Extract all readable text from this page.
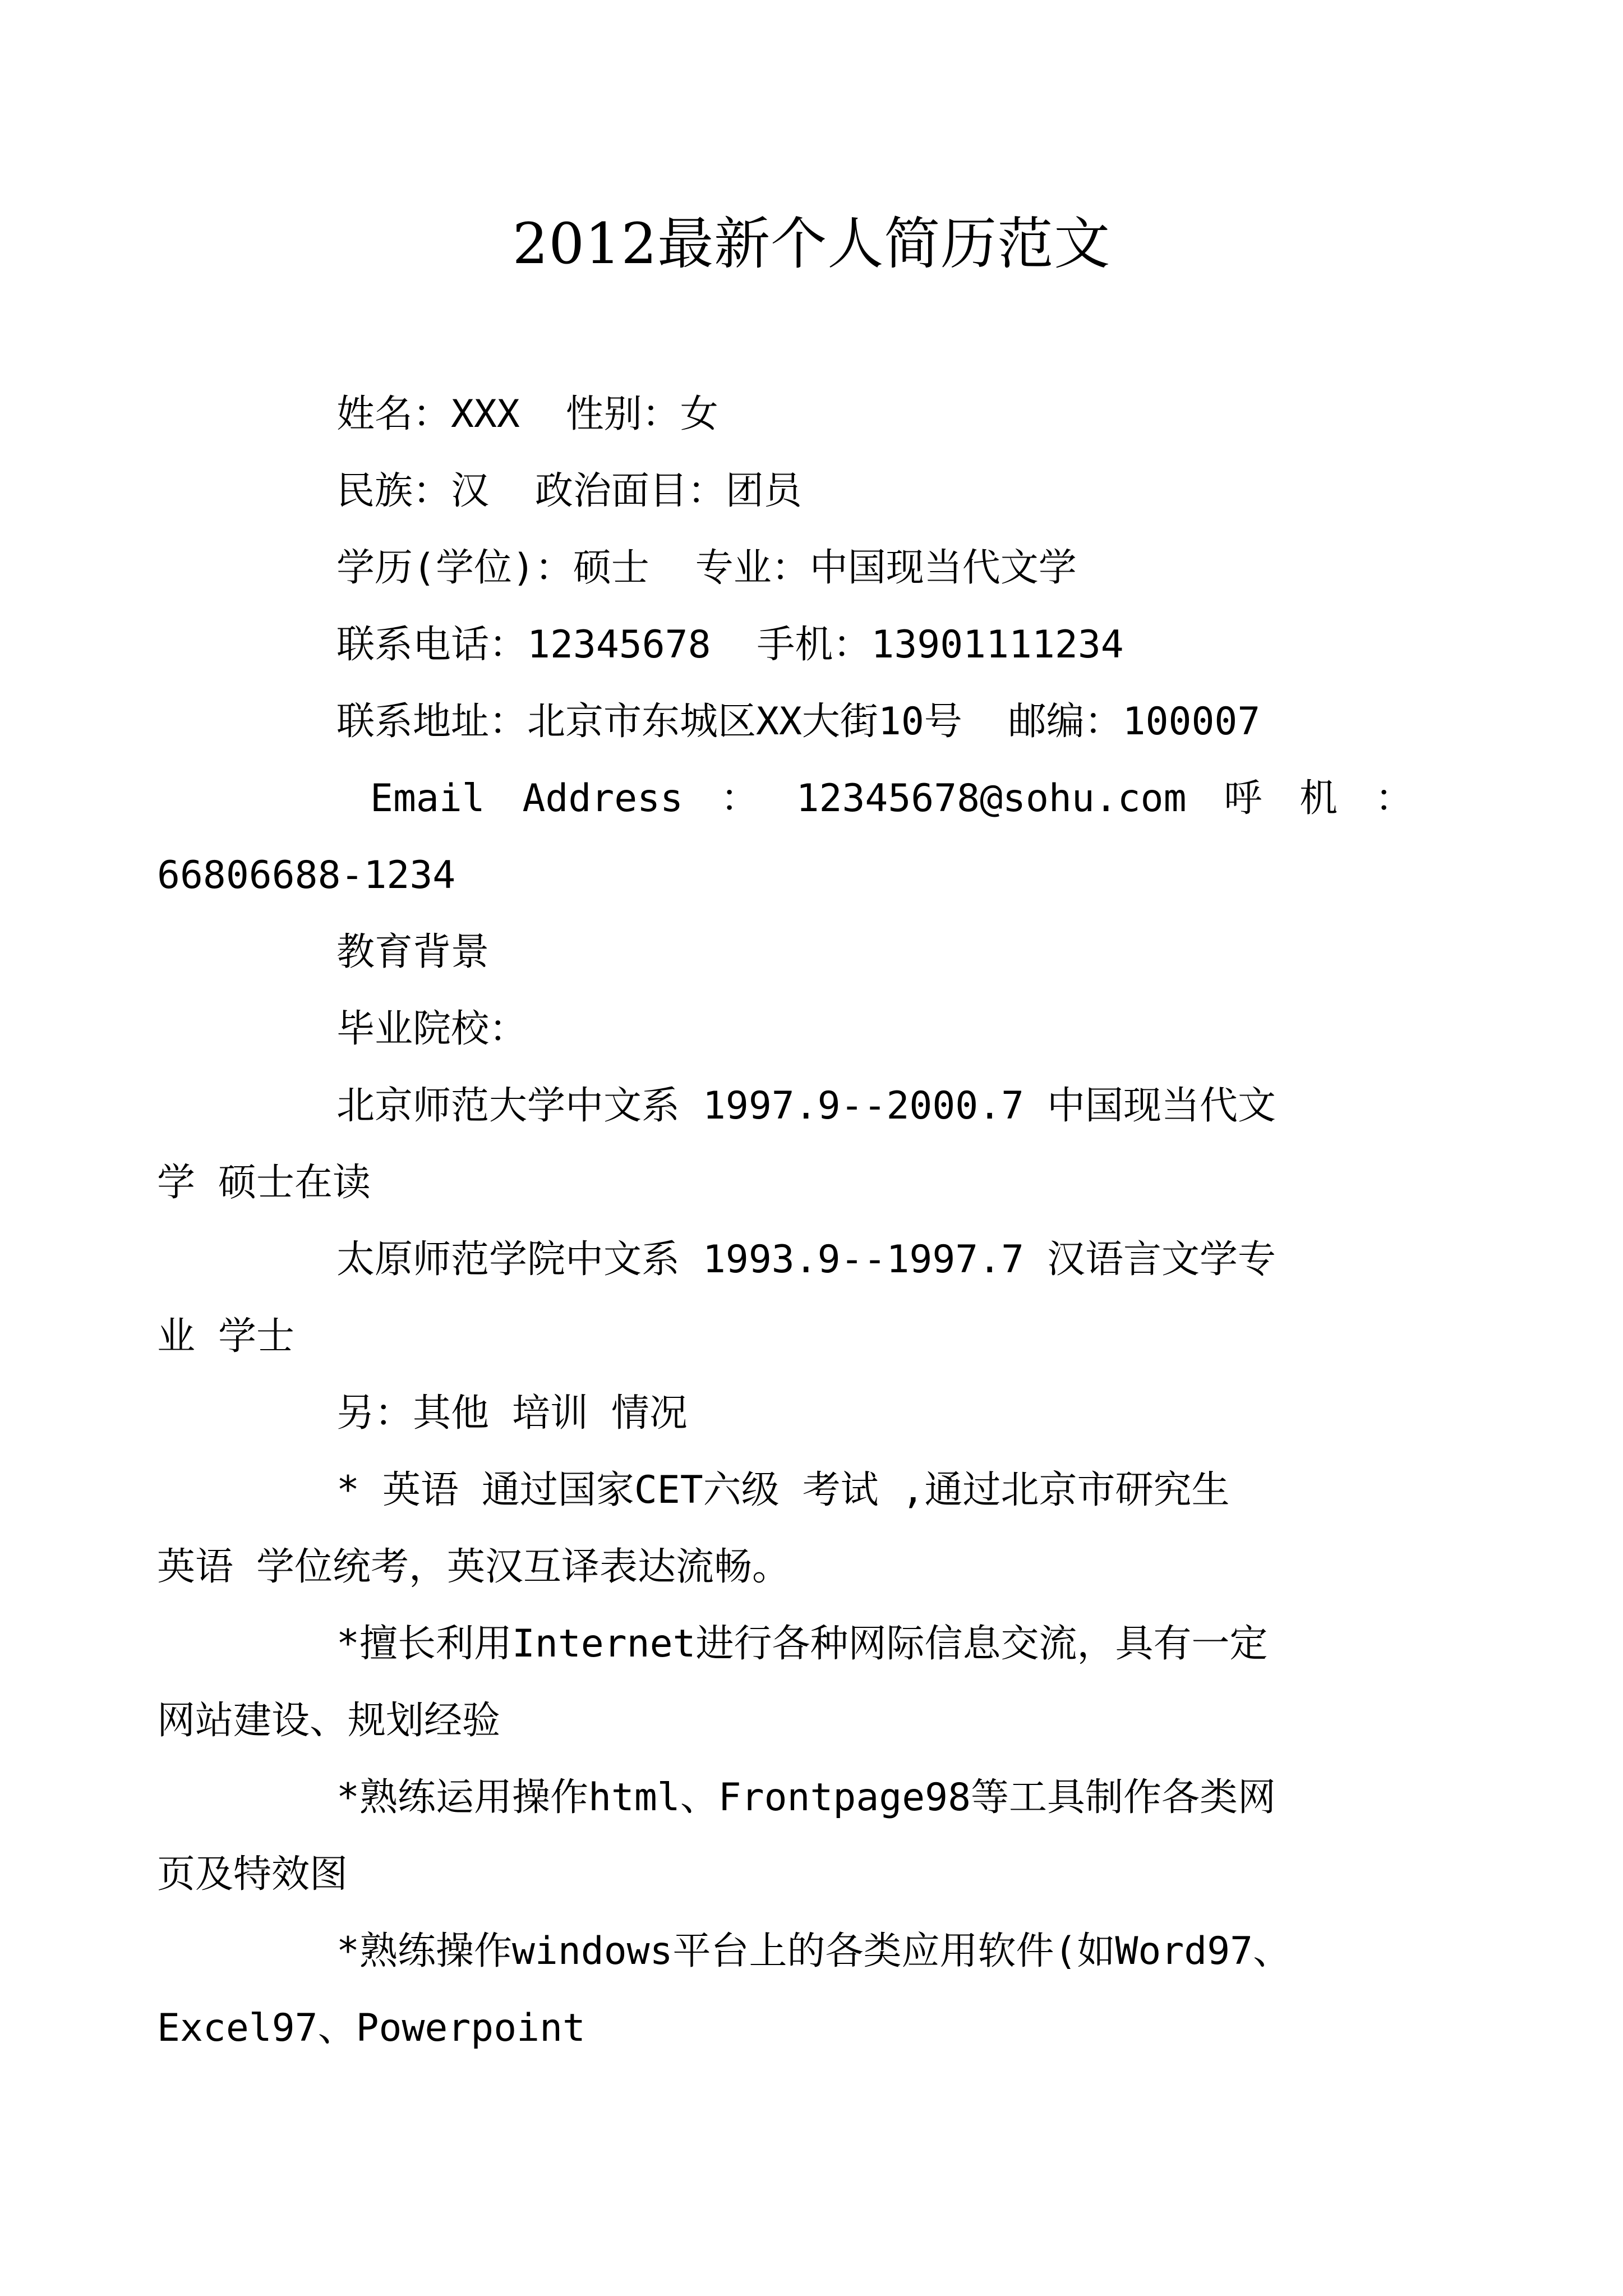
2012最新个人简历范文
姓名：XXX  性别：女
民族：汉  政治面目：团员
学历(学位)：硕士  专业：中国现当代文学
联系电话：12345678  手机：13901111234
联系地址：北京市东城区XX大街10号  邮编：100007
Email Address ： 12345678@sohu.com 呼 机 ：
66806688-1234
教育背景
毕业院校：
北京师范大学中文系 1997.9--2000.7 中国现当代文
学 硕士在读
太原师范学院中文系 1993.9--1997.7 汉语言文学专
业 学士
另：其他 培训 情况
* 英语 通过国家CET六级 考试 ,通过北京市研究生
英语 学位统考，英汉互译表达流畅。
*擅长利用Internet进行各种网际信息交流，具有一定
网站建设、规划经验
*熟练运用操作html、Frontpage98等工具制作各类网
页及特效图
*熟练操作windows平台上的各类应用软件(如Word97、
Excel97、Powerpoint
